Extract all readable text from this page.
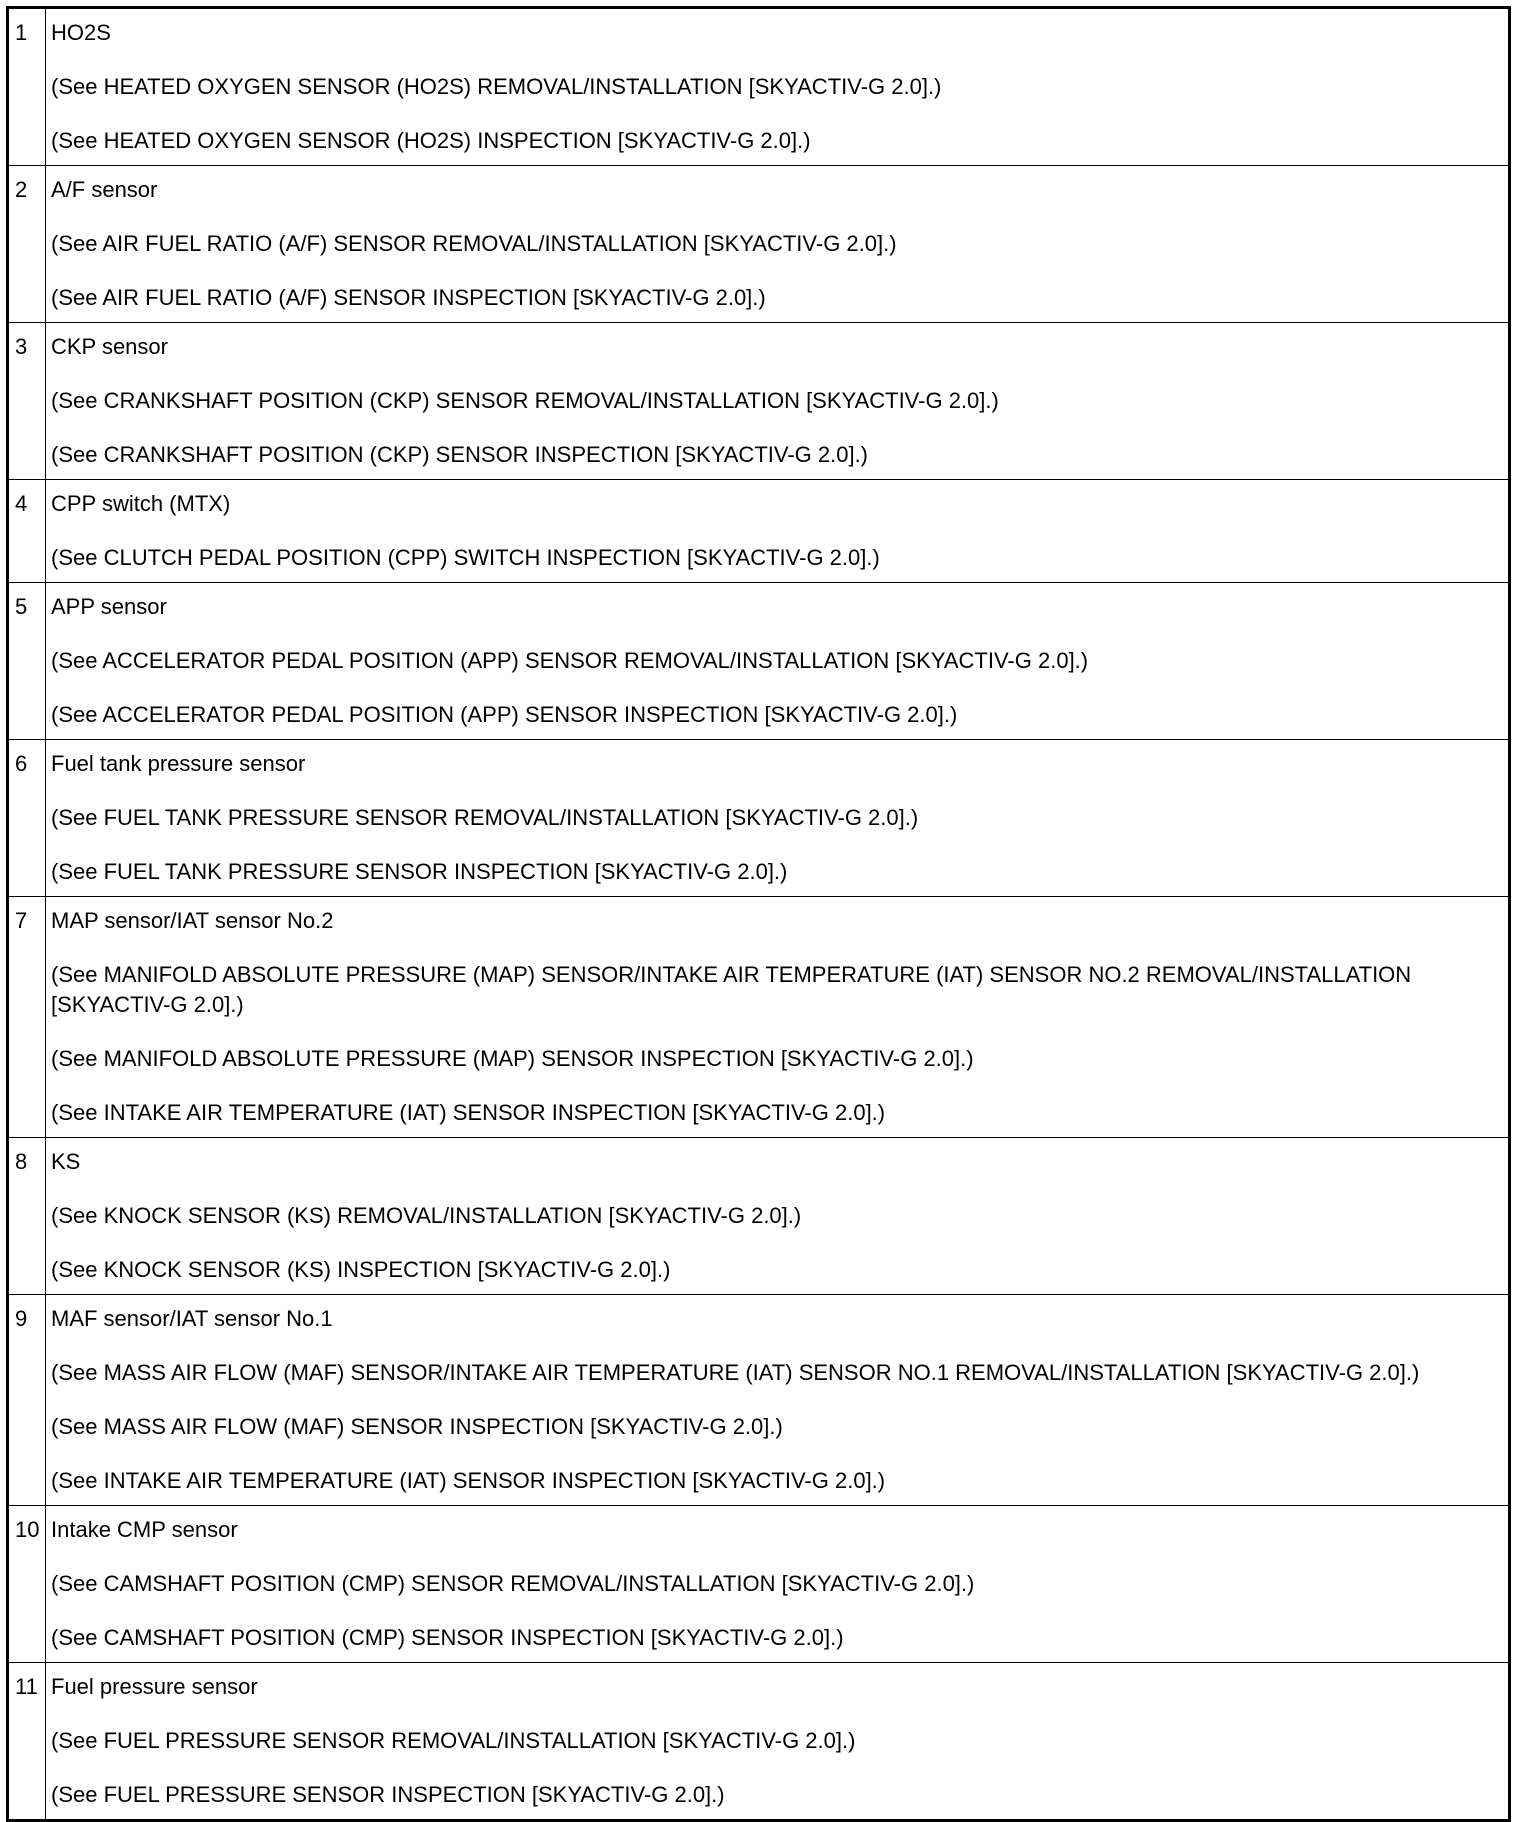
1	HO2S
(See HEATED OXYGEN SENSOR (HO2S) REMOVAL/INSTALLATION [SKYACTIV-G 2.0].)
(See HEATED OXYGEN SENSOR (HO2S) INSPECTION [SKYACTIV-G 2.0].)

2	A/F sensor
(See AIR FUEL RATIO (A/F) SENSOR REMOVAL/INSTALLATION [SKYACTIV-G 2.0].)
(See AIR FUEL RATIO (A/F) SENSOR INSPECTION [SKYACTIV-G 2.0].)

3	CKP sensor
(See CRANKSHAFT POSITION (CKP) SENSOR REMOVAL/INSTALLATION [SKYACTIV-G 2.0].)
(See CRANKSHAFT POSITION (CKP) SENSOR INSPECTION [SKYACTIV-G 2.0].)

4	CPP switch (MTX)
(See CLUTCH PEDAL POSITION (CPP) SWITCH INSPECTION [SKYACTIV-G 2.0].)

5	APP sensor
(See ACCELERATOR PEDAL POSITION (APP) SENSOR REMOVAL/INSTALLATION [SKYACTIV-G 2.0].)
(See ACCELERATOR PEDAL POSITION (APP) SENSOR INSPECTION [SKYACTIV-G 2.0].)

6	Fuel tank pressure sensor
(See FUEL TANK PRESSURE SENSOR REMOVAL/INSTALLATION [SKYACTIV-G 2.0].)
(See FUEL TANK PRESSURE SENSOR INSPECTION [SKYACTIV-G 2.0].)

7	MAP sensor/IAT sensor No.2
(See MANIFOLD ABSOLUTE PRESSURE (MAP) SENSOR/INTAKE AIR TEMPERATURE (IAT) SENSOR NO.2 REMOVAL/INSTALLATION [SKYACTIV-G 2.0].)
(See MANIFOLD ABSOLUTE PRESSURE (MAP) SENSOR INSPECTION [SKYACTIV-G 2.0].)
(See INTAKE AIR TEMPERATURE (IAT) SENSOR INSPECTION [SKYACTIV-G 2.0].)

8	KS
(See KNOCK SENSOR (KS) REMOVAL/INSTALLATION [SKYACTIV-G 2.0].)
(See KNOCK SENSOR (KS) INSPECTION [SKYACTIV-G 2.0].)

9	MAF sensor/IAT sensor No.1
(See MASS AIR FLOW (MAF) SENSOR/INTAKE AIR TEMPERATURE (IAT) SENSOR NO.1 REMOVAL/INSTALLATION [SKYACTIV-G 2.0].)
(See MASS AIR FLOW (MAF) SENSOR INSPECTION [SKYACTIV-G 2.0].)
(See INTAKE AIR TEMPERATURE (IAT) SENSOR INSPECTION [SKYACTIV-G 2.0].)

10	Intake CMP sensor
(See CAMSHAFT POSITION (CMP) SENSOR REMOVAL/INSTALLATION [SKYACTIV-G 2.0].)
(See CAMSHAFT POSITION (CMP) SENSOR INSPECTION [SKYACTIV-G 2.0].)

11	Fuel pressure sensor
(See FUEL PRESSURE SENSOR REMOVAL/INSTALLATION [SKYACTIV-G 2.0].)
(See FUEL PRESSURE SENSOR INSPECTION [SKYACTIV-G 2.0].)
